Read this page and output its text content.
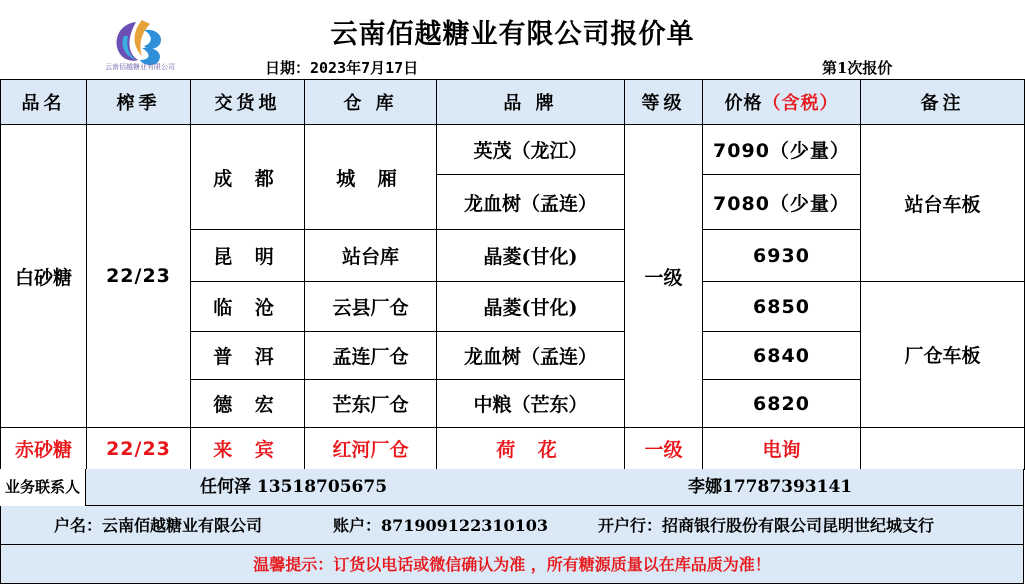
云南佰越糖业有限公司
云南佰越糖业有限公司报价单
日期：2023年7月17日	第1次报价
品名	榨季	交货地	仓 库	品 牌	等级	价格（含税）	备注
白砂糖	22/23	成 都	城 厢	英茂（龙江）	一级	7090（少量）	站台车板
				龙血树（孟连）		7080（少量）	
		昆 明	站台库	晶菱(甘化)		6930	
		临 沧	云县厂仓	晶菱(甘化)		6850	厂仓车板
		普 洱	孟连厂仓	龙血树（孟连）		6840	
		德 宏	芒东厂仓	中粮（芒东）		6820	
赤砂糖	22/23	来 宾	红河厂仓	荷 花	一级	电询	
业务联系人	任何泽 13518705675	李娜17787393141
户名：云南佰越糖业有限公司	账户：871909122310103	开户行：招商银行股份有限公司昆明世纪城支行
温馨提示：订货以电话或微信确认为准 ，所有糖源质量以在库品质为准！
